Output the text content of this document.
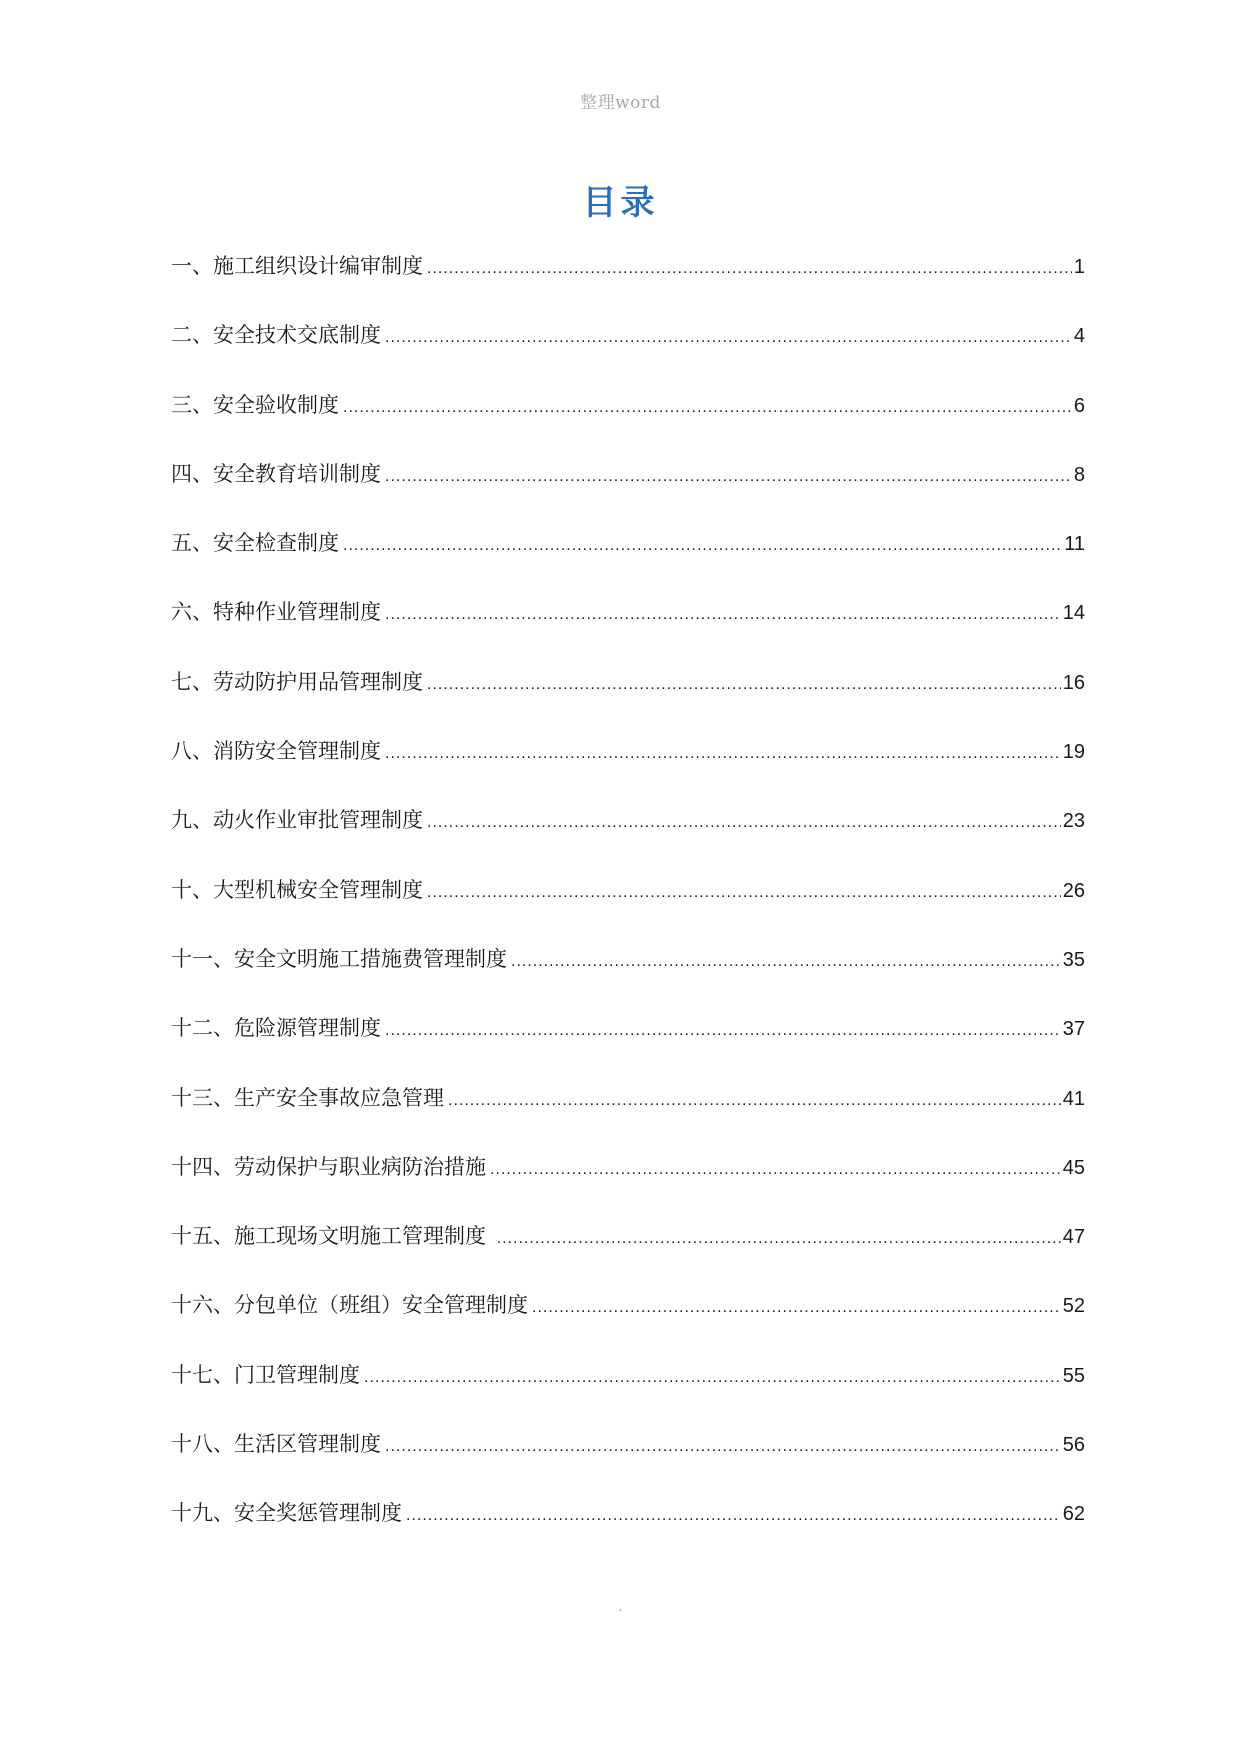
整理word
目录
一、施工组织设计编审制度 .....	1
二、安全技术交底制度 .....	4
三、安全验收制度 .....	6
四、安全教育培训制度 .....	8
五、安全检查制度 .....	11
六、特种作业管理制度 .....	14
七、劳动防护用品管理制度 .....	16
八、消防安全管理制度 .....	19
九、动火作业审批管理制度 .....	23
十、大型机械安全管理制度 .....	26
十一、安全文明施工措施费管理制度 .....	35
十二、危险源管理制度 .....	37
十三、生产安全事故应急管理 .....	41
十四、劳动保护与职业病防治措施 .....	45
十五、施工现场文明施工管理制度 .....	47
十六、分包单位（班组）安全管理制度 .....	52
十七、门卫管理制度 .....	55
十八、生活区管理制度 .....	56
十九、安全奖惩管理制度 .....	62
.
